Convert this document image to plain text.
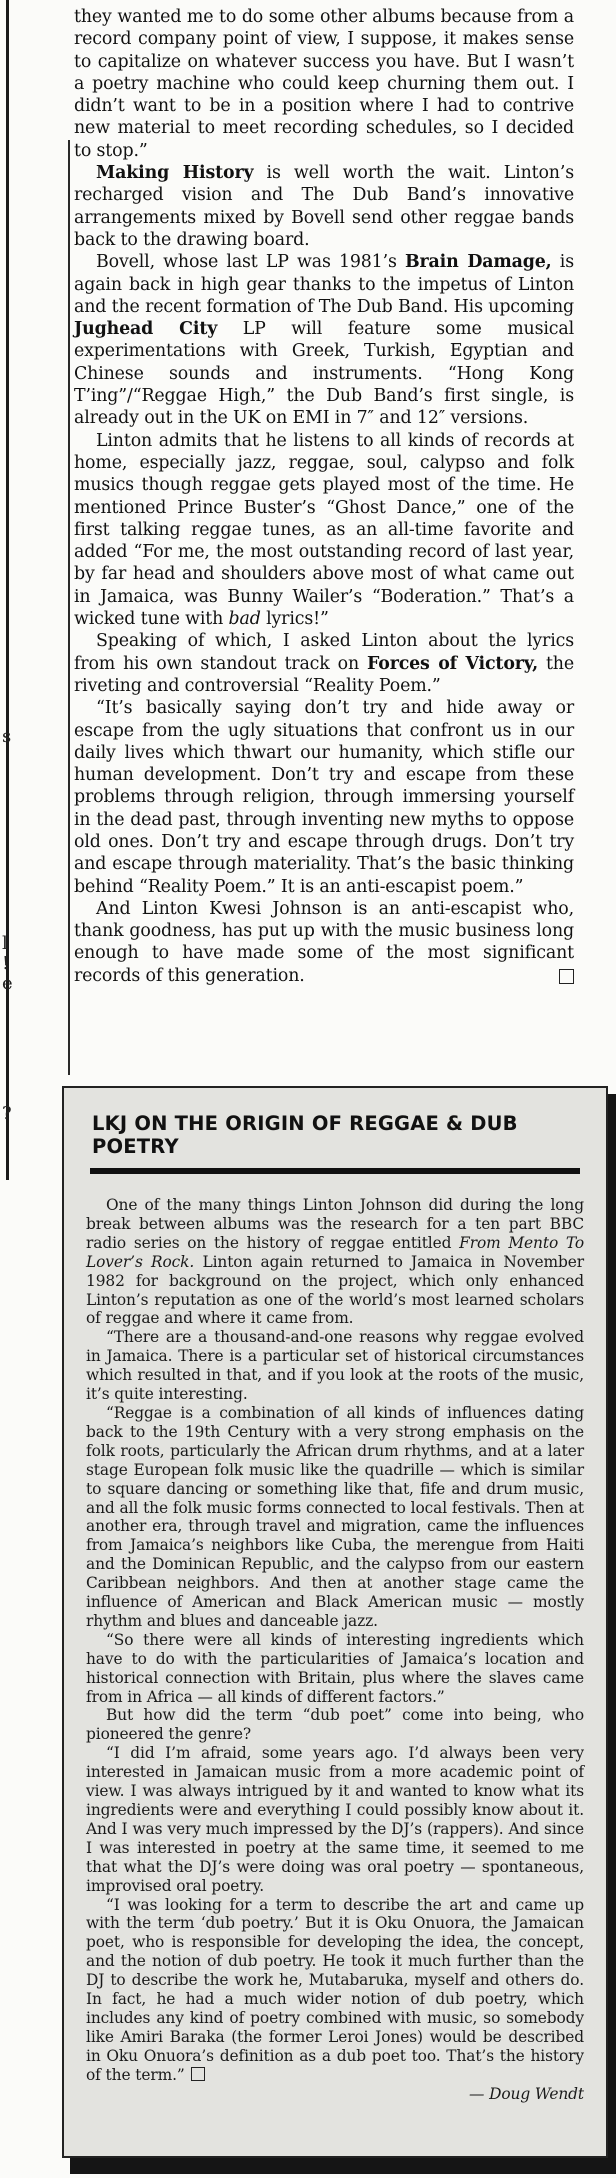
s
l
!
e
?

they wanted me to do some other albums because from a record company point of view, I suppose, it makes sense to capitalize on whatever success you have. But I wasn’t a poetry machine who could keep churning them out. I didn’t want to be in a position where I had to contrive new material to meet recording schedules, so I decided to stop.”

Making History is well worth the wait. Linton’s recharged vision and The Dub Band’s innovative arrangements mixed by Bovell send other reggae bands back to the drawing board.

Bovell, whose last LP was 1981’s Brain Damage, is again back in high gear thanks to the impetus of Linton and the recent formation of The Dub Band. His upcoming Jughead City LP will feature some musical experimentations with Greek, Turkish, Egyptian and Chinese sounds and instruments. “Hong Kong T’ing”/“Reggae High,” the Dub Band’s first single, is already out in the UK on EMI in 7″ and 12″ versions.

Linton admits that he listens to all kinds of records at home, especially jazz, reggae, soul, calypso and folk musics though reggae gets played most of the time. He mentioned Prince Buster’s “Ghost Dance,” one of the first talking reggae tunes, as an all-time favorite and added “For me, the most outstanding record of last year, by far head and shoulders above most of what came out in Jamaica, was Bunny Wailer’s “Boderation.” That’s a wicked tune with bad lyrics!”

Speaking of which, I asked Linton about the lyrics from his own standout track on Forces of Victory, the riveting and controversial “Reality Poem.”

“It’s basically saying don’t try and hide away or escape from the ugly situations that confront us in our daily lives which thwart our humanity, which stifle our human development. Don’t try and escape from these problems through religion, through immersing yourself in the dead past, through inventing new myths to oppose old ones. Don’t try and escape through drugs. Don’t try and escape through materiality. That’s the basic thinking behind “Reality Poem.” It is an anti-escapist poem.”

And Linton Kwesi Johnson is an anti-escapist who, thank goodness, has put up with the music business long enough to have made some of the most significant records of this generation.

LKJ ON THE ORIGIN OF REGGAE & DUB POETRY

One of the many things Linton Johnson did during the long break between albums was the research for a ten part BBC radio series on the history of reggae entitled From Mento To Lover’s Rock. Linton again returned to Jamaica in November 1982 for background on the project, which only enhanced Linton’s reputation as one of the world’s most learned scholars of reggae and where it came from.

“There are a thousand-and-one reasons why reggae evolved in Jamaica. There is a particular set of historical circumstances which resulted in that, and if you look at the roots of the music, it’s quite interesting.

“Reggae is a combination of all kinds of influences dating back to the 19th Century with a very strong emphasis on the folk roots, particularly the African drum rhythms, and at a later stage European folk music like the quadrille — which is similar to square dancing or something like that, fife and drum music, and all the folk music forms connected to local festivals. Then at another era, through travel and migration, came the influences from Jamaica’s neighbors like Cuba, the merengue from Haiti and the Dominican Republic, and the calypso from our eastern Caribbean neighbors. And then at another stage came the influence of American and Black American music — mostly rhythm and blues and danceable jazz.

“So there were all kinds of interesting ingredients which have to do with the particularities of Jamaica’s location and historical connection with Britain, plus where the slaves came from in Africa — all kinds of different factors.”

But how did the term “dub poet” come into being, who pioneered the genre?

“I did I’m afraid, some years ago. I’d always been very interested in Jamaican music from a more academic point of view. I was always intrigued by it and wanted to know what its ingredients were and everything I could possibly know about it. And I was very much impressed by the DJ’s (rappers). And since I was interested in poetry at the same time, it seemed to me that what the DJ’s were doing was oral poetry — spontaneous, improvised oral poetry.

“I was looking for a term to describe the art and came up with the term ‘dub poetry.’ But it is Oku Onuora, the Jamaican poet, who is responsible for developing the idea, the concept, and the notion of dub poetry. He took it much further than the DJ to describe the work he, Mutabaruka, myself and others do. In fact, he had a much wider notion of dub poetry, which includes any kind of poetry combined with music, so somebody like Amiri Baraka (the former Leroi Jones) would be described in Oku Onuora’s definition as a dub poet too. That’s the history of the term.”

— Doug Wendt
